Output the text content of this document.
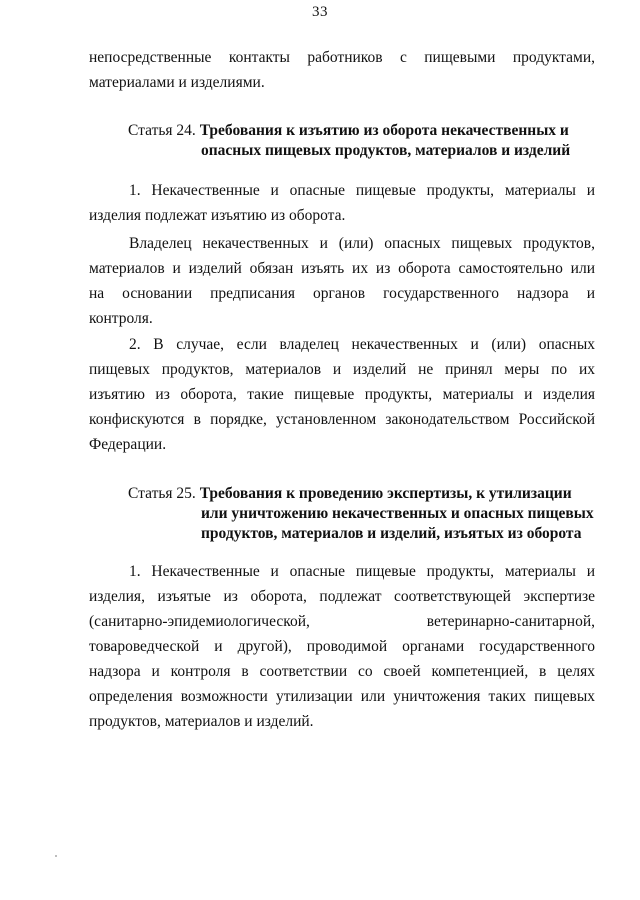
33
непосредственные контакты работников с пищевыми продуктами,
материалами и изделиями.
Статья 24. Требования к изъятию из оборота некачественных и
опасных пищевых продуктов, материалов и изделий
1. Некачественные и опасные пищевые продукты, материалы и
изделия подлежат изъятию из оборота.
Владелец некачественных и (или) опасных пищевых продуктов,
материалов и изделий обязан изъять их из оборота самостоятельно или
на основании предписания органов государственного надзора и
контроля.
2. В случае, если владелец некачественных и (или) опасных
пищевых продуктов, материалов и изделий не принял меры по их
изъятию из оборота, такие пищевые продукты, материалы и изделия
конфискуются в порядке, установленном законодательством Российской
Федерации.
Статья 25. Требования к проведению экспертизы, к утилизации
или уничтожению некачественных и опасных пищевых
продуктов, материалов и изделий, изъятых из оборота
1. Некачественные и опасные пищевые продукты, материалы и
изделия, изъятые из оборота, подлежат соответствующей экспертизе
(санитарно-эпидемиологической, ветеринарно-санитарной,
товароведческой и другой), проводимой органами государственного
надзора и контроля в соответствии со своей компетенцией, в целях
определения возможности утилизации или уничтожения таких пищевых
продуктов, материалов и изделий.
